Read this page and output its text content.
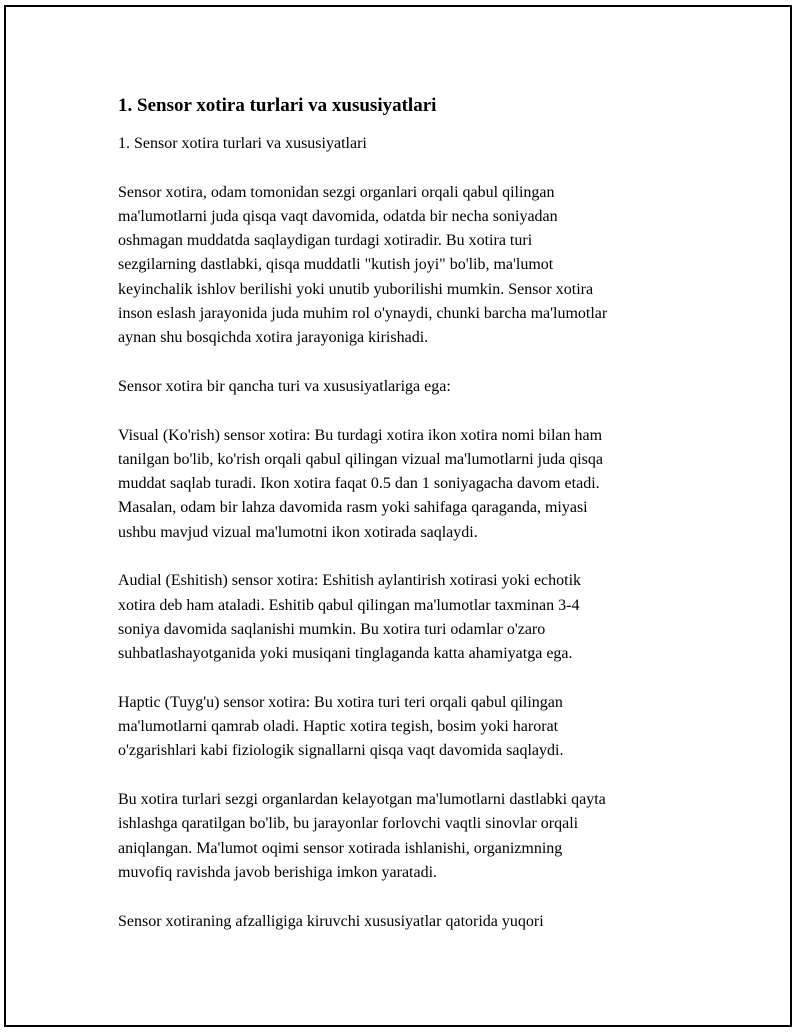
1. Sensor xotira turlari va xususiyatlari

1. Sensor xotira turlari va xususiyatlari

Sensor xotira, odam tomonidan sezgi organlari orqali qabul qilingan
ma'lumotlarni juda qisqa vaqt davomida, odatda bir necha soniyadan
oshmagan muddatda saqlaydigan turdagi xotiradir. Bu xotira turi
sezgilarning dastlabki, qisqa muddatli "kutish joyi" bo'lib, ma'lumot
keyinchalik ishlov berilishi yoki unutib yuborilishi mumkin. Sensor xotira
inson eslash jarayonida juda muhim rol o'ynaydi, chunki barcha ma'lumotlar
aynan shu bosqichda xotira jarayoniga kirishadi.

Sensor xotira bir qancha turi va xususiyatlariga ega:

Visual (Ko'rish) sensor xotira: Bu turdagi xotira ikon xotira nomi bilan ham
tanilgan bo'lib, ko'rish orqali qabul qilingan vizual ma'lumotlarni juda qisqa
muddat saqlab turadi. Ikon xotira faqat 0.5 dan 1 soniyagacha davom etadi.
Masalan, odam bir lahza davomida rasm yoki sahifaga qaraganda, miyasi
ushbu mavjud vizual ma'lumotni ikon xotirada saqlaydi.

Audial (Eshitish) sensor xotira: Eshitish aylantirish xotirasi yoki echotik
xotira deb ham ataladi. Eshitib qabul qilingan ma'lumotlar taxminan 3-4
soniya davomida saqlanishi mumkin. Bu xotira turi odamlar o'zaro
suhbatlashayotganida yoki musiqani tinglaganda katta ahamiyatga ega.

Haptic (Tuyg'u) sensor xotira: Bu xotira turi teri orqali qabul qilingan
ma'lumotlarni qamrab oladi. Haptic xotira tegish, bosim yoki harorat
o'zgarishlari kabi fiziologik signallarni qisqa vaqt davomida saqlaydi.

Bu xotira turlari sezgi organlardan kelayotgan ma'lumotlarni dastlabki qayta
ishlashga qaratilgan bo'lib, bu jarayonlar forlovchi vaqtli sinovlar orqali
aniqlangan. Ma'lumot oqimi sensor xotirada ishlanishi, organizmning
muvofiq ravishda javob berishiga imkon yaratadi.

Sensor xotiraning afzalligiga kiruvchi xususiyatlar qatorida yuqori
